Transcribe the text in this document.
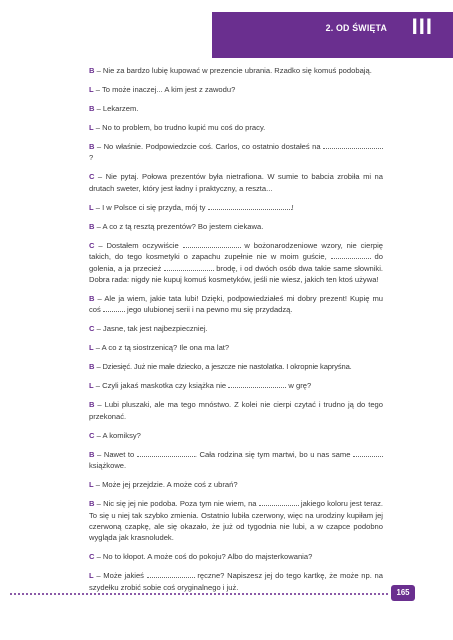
2. OD ŚWIĘTA III

B – Nie za bardzo lubię kupować w prezencie ubrania. Rzadko się komuś podobają.

L – To może inaczej... A kim jest z zawodu?

B – Lekarzem.

L – No to problem, bo trudno kupić mu coś do pracy.

B – No właśnie. Podpowiedzcie coś. Carlos, co ostatnio dostałeś na ?

C – Nie pytaj. Połowa prezentów była nietrafiona. W sumie to babcia zrobiła mi na drutach sweter, który jest ładny i praktyczny, a reszta...

L – I w Polsce ci się przyda, mój ty	!

B – A co z tą resztą prezentów? Bo jestem ciekawa.

C – Dostałem oczywiście	w bożonarodzeniowe wzory, nie cierpię takich, do tego kosmetyki o zapachu zupełnie nie w moim guście,	do golenia, a ja przecież	brodę, i od dwóch osób dwa takie same słowniki. Dobra rada: nigdy nie kupuj komuś kosmetyków, jeśli nie wiesz, jakich ten ktoś używa!

B – Ale ja wiem, jakie tata lubi! Dzięki, podpowiedziałeś mi dobry prezent! Kupię mu coś	jego ulubionej serii i na pewno mu się przydadzą.

C – Jasne, tak jest najbezpieczniej.

L – A co z tą siostrzenicą? Ile ona ma lat?

B – Dziesięć. Już nie małe dziecko, a jeszcze nie nastolatka. I okropnie kapryśna.

L – Czyli jakaś maskotka czy książka nie	w grę?

B – Lubi pluszaki, ale ma tego mnóstwo. Z kolei nie cierpi czytać i trudno ją do tego przekonać.

C – A komiksy?

B – Nawet to	. Cała rodzina się tym martwi, bo u nas same  książkowe.

L – Może jej przejdzie. A może coś z ubrań?

B – Nic się jej nie podoba. Poza tym nie wiem, na	jakiego koloru jest teraz. To się u niej tak szybko zmienia. Ostatnio lubiła czerwony, więc na urodziny kupiłam jej czerwoną czapkę, ale się okazało, że już od tygodnia nie lubi, a w czapce podobno wygląda jak krasnoludek.

C – No to kłopot. A może coś do pokoju? Albo do majsterkowania?

L – Może jakieś	ręczne? Napiszesz jej do tego kartkę, że może np. na szydełku zrobić sobie coś oryginalnego i już.

165
